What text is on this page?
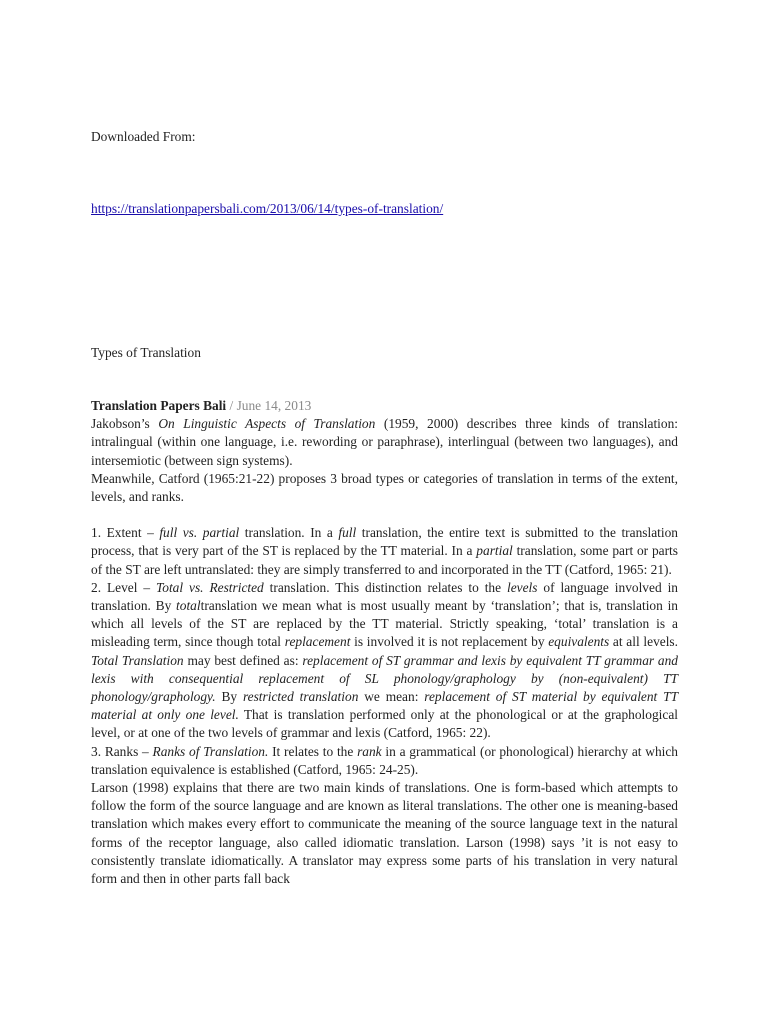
Downloaded From:
https://translationpapersbali.com/2013/06/14/types-of-translation/
Types of Translation

Translation Papers Bali / June 14, 2013

Jakobson’s On Linguistic Aspects of Translation (1959, 2000) describes three kinds of translation: intralingual (within one language, i.e. rewording or paraphrase), interlingual (between two languages), and intersemiotic (between sign systems).

Meanwhile, Catford (1965:21-22) proposes 3 broad types or categories of translation in terms of the extent, levels, and ranks.

1. Extent – full vs. partial translation. In a full translation, the entire text is submitted to the translation process, that is very part of the ST is replaced by the TT material. In a partial translation, some part or parts of the ST are left untranslated: they are simply transferred to and incorporated in the TT (Catford, 1965: 21).

2. Level – Total vs. Restricted translation. This distinction relates to the levels of language involved in translation. By totaltranslation we mean what is most usually meant by ‘translation’; that is, translation in which all levels of the ST are replaced by the TT material. Strictly speaking, ‘total’ translation is a misleading term, since though total replacement is involved it is not replacement by equivalents at all levels. Total Translation may best defined as: replacement of ST grammar and lexis by equivalent TT grammar and lexis with consequential replacement of SL phonology/graphology by (non-equivalent) TT phonology/graphology. By restricted translation we mean: replacement of ST material by equivalent TT material at only one level. That is translation performed only at the phonological or at the graphological level, or at one of the two levels of grammar and lexis (Catford, 1965: 22).

3. Ranks – Ranks of Translation. It relates to the rank in a grammatical (or phonological) hierarchy at which translation equivalence is established (Catford, 1965: 24-25).

Larson (1998) explains that there are two main kinds of translations. One is form-based which attempts to follow the form of the source language and are known as literal translations. The other one is meaning-based translation which makes every effort to communicate the meaning of the source language text in the natural forms of the receptor language, also called idiomatic translation. Larson (1998) says ’it is not easy to consistently translate idiomatically. A translator may express some parts of his translation in very natural form and then in other parts fall back
